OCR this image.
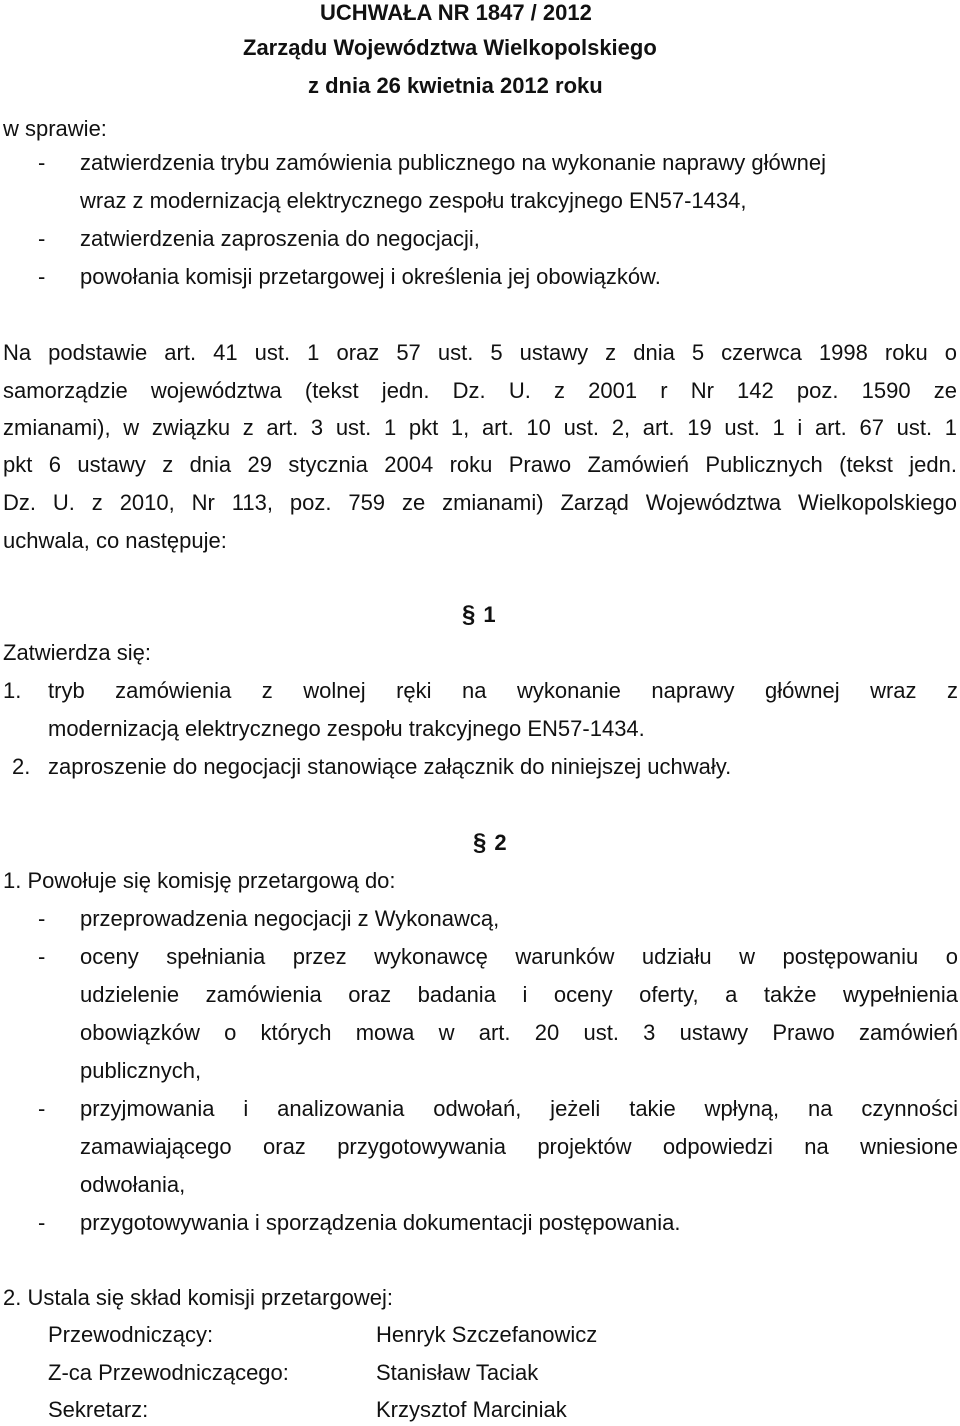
UCHWAŁA NR 1847 / 2012
Zarządu Województwa Wielkopolskiego
z dnia 26 kwietnia 2012 roku
w sprawie:
- zatwierdzenia trybu zamówienia publicznego na wykonanie naprawy głównej
wraz z modernizacją elektrycznego zespołu trakcyjnego EN57-1434,
- zatwierdzenia zaproszenia do negocjacji,
- powołania komisji przetargowej i określenia jej obowiązków.
Na podstawie art. 41 ust. 1 oraz 57 ust. 5 ustawy z dnia 5 czerwca 1998 roku o
samorządzie województwa (tekst jedn. Dz. U. z 2001 r Nr 142 poz. 1590 ze
zmianami), w związku z art. 3 ust. 1 pkt 1, art. 10 ust. 2, art. 19 ust. 1 i art. 67 ust. 1
pkt 6 ustawy z dnia 29 stycznia 2004 roku Prawo Zamówień Publicznych (tekst jedn.
Dz. U. z 2010, Nr 113, poz. 759 ze zmianami) Zarząd Województwa Wielkopolskiego
uchwala, co następuje:
§ 1
Zatwierdza się:
1. tryb zamówienia z wolnej ręki na wykonanie naprawy głównej wraz z
modernizacją elektrycznego zespołu trakcyjnego EN57-1434.
2. zaproszenie do negocjacji stanowiące załącznik do niniejszej uchwały.
§ 2
1. Powołuje się komisję przetargową do:
- przeprowadzenia negocjacji z Wykonawcą,
- oceny spełniania przez wykonawcę warunków udziału w postępowaniu o
udzielenie zamówienia oraz badania i oceny oferty, a także wypełnienia
obowiązków o których mowa w art. 20 ust. 3 ustawy Prawo zamówień
publicznych,
- przyjmowania i analizowania odwołań, jeżeli takie wpłyną, na czynności
zamawiającego oraz przygotowywania projektów odpowiedzi na wniesione
odwołania,
- przygotowywania i sporządzenia dokumentacji postępowania.
2. Ustala się skład komisji przetargowej:
Przewodniczący:	Henryk Szczefanowicz
Z-ca Przewodniczącego:	Stanisław Taciak
Sekretarz:	Krzysztof Marciniak
